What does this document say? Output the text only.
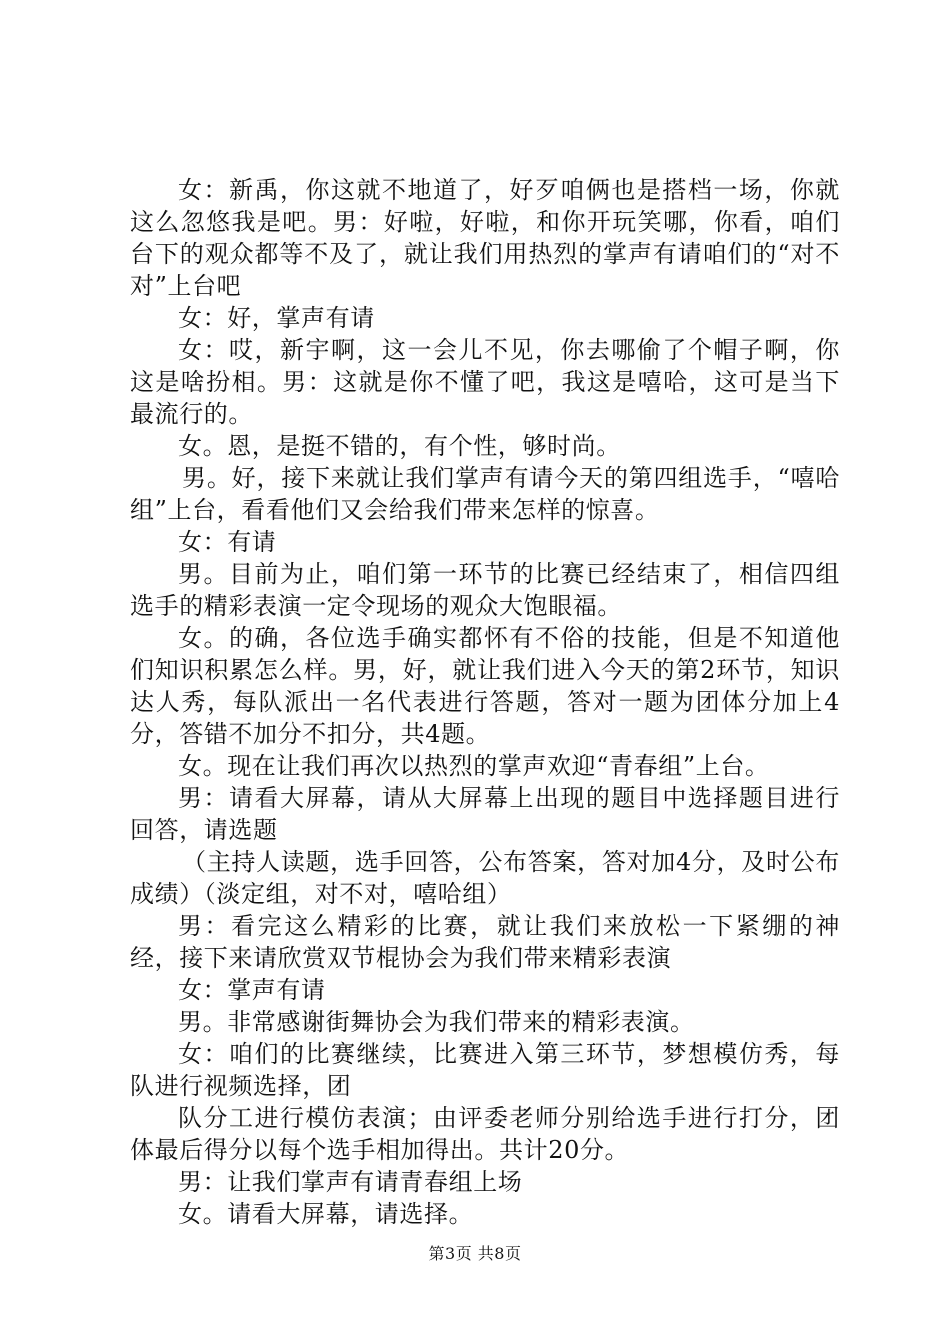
女：新禹，你这就不地道了，好歹咱俩也是搭档一场，你就这么忽悠我是吧。男：好啦，好啦，和你开玩笑哪，你看，咱们台下的观众都等不及了，就让我们用热烈的掌声有请咱们的“对不对”上台吧

女：好，掌声有请

女：哎，新宇啊，这一会儿不见，你去哪偷了个帽子啊，你这是啥扮相。男：这就是你不懂了吧，我这是嘻哈，这可是当下最流行的。

女。恩，是挺不错的，有个性，够时尚。

男。好，接下来就让我们掌声有请今天的第四组选手，“嘻哈组”上台，看看他们又会给我们带来怎样的惊喜。

女：有请

男。目前为止，咱们第一环节的比赛已经结束了，相信四组选手的精彩表演一定令现场的观众大饱眼福。

女。的确，各位选手确实都怀有不俗的技能，但是不知道他们知识积累怎么样。男，好，就让我们进入今天的第2环节，知识达人秀，每队派出一名代表进行答题，答对一题为团体分加上4分，答错不加分不扣分，共4题。

女。现在让我们再次以热烈的掌声欢迎“青春组”上台。

男：请看大屏幕，请从大屏幕上出现的题目中选择题目进行回答，请选题

（主持人读题，选手回答，公布答案，答对加4分，及时公布成绩）（淡定组，对不对，嘻哈组）

男：看完这么精彩的比赛，就让我们来放松一下紧绷的神经，接下来请欣赏双节棍协会为我们带来精彩表演

女：掌声有请

男。非常感谢街舞协会为我们带来的精彩表演。

女：咱们的比赛继续，比赛进入第三环节，梦想模仿秀，每队进行视频选择，团

队分工进行模仿表演；由评委老师分别给选手进行打分，团体最后得分以每个选手相加得出。共计20分。

男：让我们掌声有请青春组上场

女。请看大屏幕，请选择。

第3页 共8页
